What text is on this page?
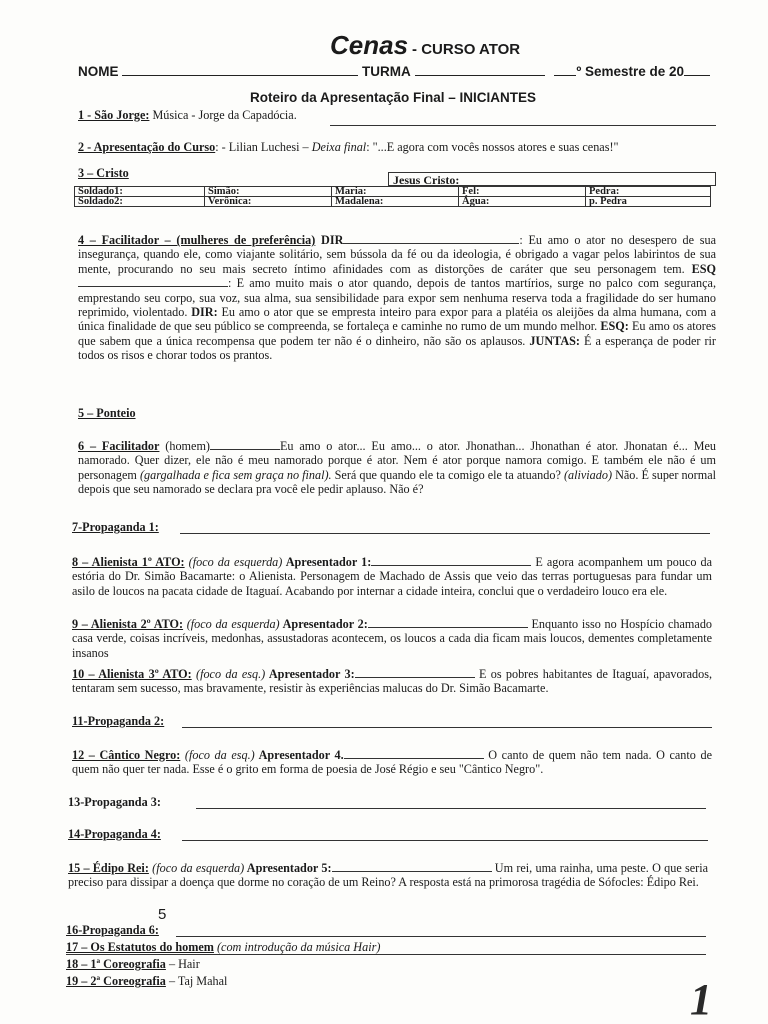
Cenas - CURSO ATOR
NOME	TURMA	º Semestre de 20
Roteiro da Apresentação Final – INICIANTES
1 - São Jorge: Música - Jorge da Capadócia.
2 - Apresentação do Curso: - Lilian Luchesi – Deixa final: "...E agora com vocês nossos atores e suas cenas!"
3 – Cristo	Jesus Cristo:
Soldado1:	Simão:	Maria:	Fel:	Pedra:
Soldado2:	Verônica:	Madalena:	Água:	p. Pedra
4 – Facilitador – (mulheres de preferência) DIR	: Eu amo o ator no desespero de sua insegurança, quando ele, como viajante solitário, sem bússola da fé ou da ideologia, é obrigado a vagar pelos labirintos de sua mente, procurando no seu mais secreto íntimo afinidades com as distorções de caráter que seu personagem tem. ESQ: E amo muito mais o ator quando, depois de tantos martírios, surge no palco com segurança, emprestando seu corpo, sua voz, sua alma, sua sensibilidade para expor sem nenhuma reserva toda a fragilidade do ser humano reprimido, violentado. DIR: Eu amo o ator que se empresta inteiro para expor para a platéia os aleijões da alma humana, com a única finalidade de que seu público se compreenda, se fortaleça e caminhe no rumo de um mundo melhor. ESQ: Eu amo os atores que sabem que a única recompensa que podem ter não é o dinheiro, não são os aplausos. JUNTAS: É a esperança de poder rir todos os risos e chorar todos os prantos.
5 – Ponteio
6 – Facilitador (homem)	Eu amo o ator... Eu amo... o ator. Jhonathan... Jhonathan é ator. Jhonatan é... Meu namorado. Quer dizer, ele não é meu namorado porque é ator. Nem é ator porque namora comigo. E também ele não é um personagem (gargalhada e fica sem graça no final). Será que quando ele ta comigo ele ta atuando? (aliviado) Não. É super normal depois que seu namorado se declara pra você ele pedir aplauso. Não é?
7-Propaganda 1:
8 – Alienista 1º ATO: (foco da esquerda) Apresentador 1:	E agora acompanhem um pouco da estória do Dr. Simão Bacamarte: o Alienista. Personagem de Machado de Assis que veio das terras portuguesas para fundar um asilo de loucos na pacata cidade de Itaguaí. Acabando por internar a cidade inteira, conclui que o verdadeiro louco era ele.
9 – Alienista 2º ATO: (foco da esquerda) Apresentador 2:	Enquanto isso no Hospício chamado casa verde, coisas incríveis, medonhas, assustadoras acontecem, os loucos a cada dia ficam mais loucos, dementes completamente insanos
10 – Alienista 3º ATO: (foco da esq.) Apresentador 3:	E os pobres habitantes de Itaguaí, apavorados, tentaram sem sucesso, mas bravamente, resistir às experiências malucas do Dr. Simão Bacamarte.
11-Propaganda 2:
12 – Cântico Negro: (foco da esq.) Apresentador 4.	O canto de quem não tem nada. O canto de quem não quer ter nada. Esse é o grito em forma de poesia de José Régio e seu "Cântico Negro".
13-Propaganda 3:
14-Propaganda 4:
15 – Édipo Rei: (foco da esquerda) Apresentador 5:	Um rei, uma rainha, uma peste. O que seria preciso para dissipar a doença que dorme no coração de um Reino? A resposta está na primorosa tragédia de Sófocles: Édipo Rei.
5
16-Propaganda 6:
17 – Os Estatutos do homem (com introdução da música Hair)
18 – 1ª Coreografia – Hair
19 – 2ª Coreografia – Taj Mahal	1
